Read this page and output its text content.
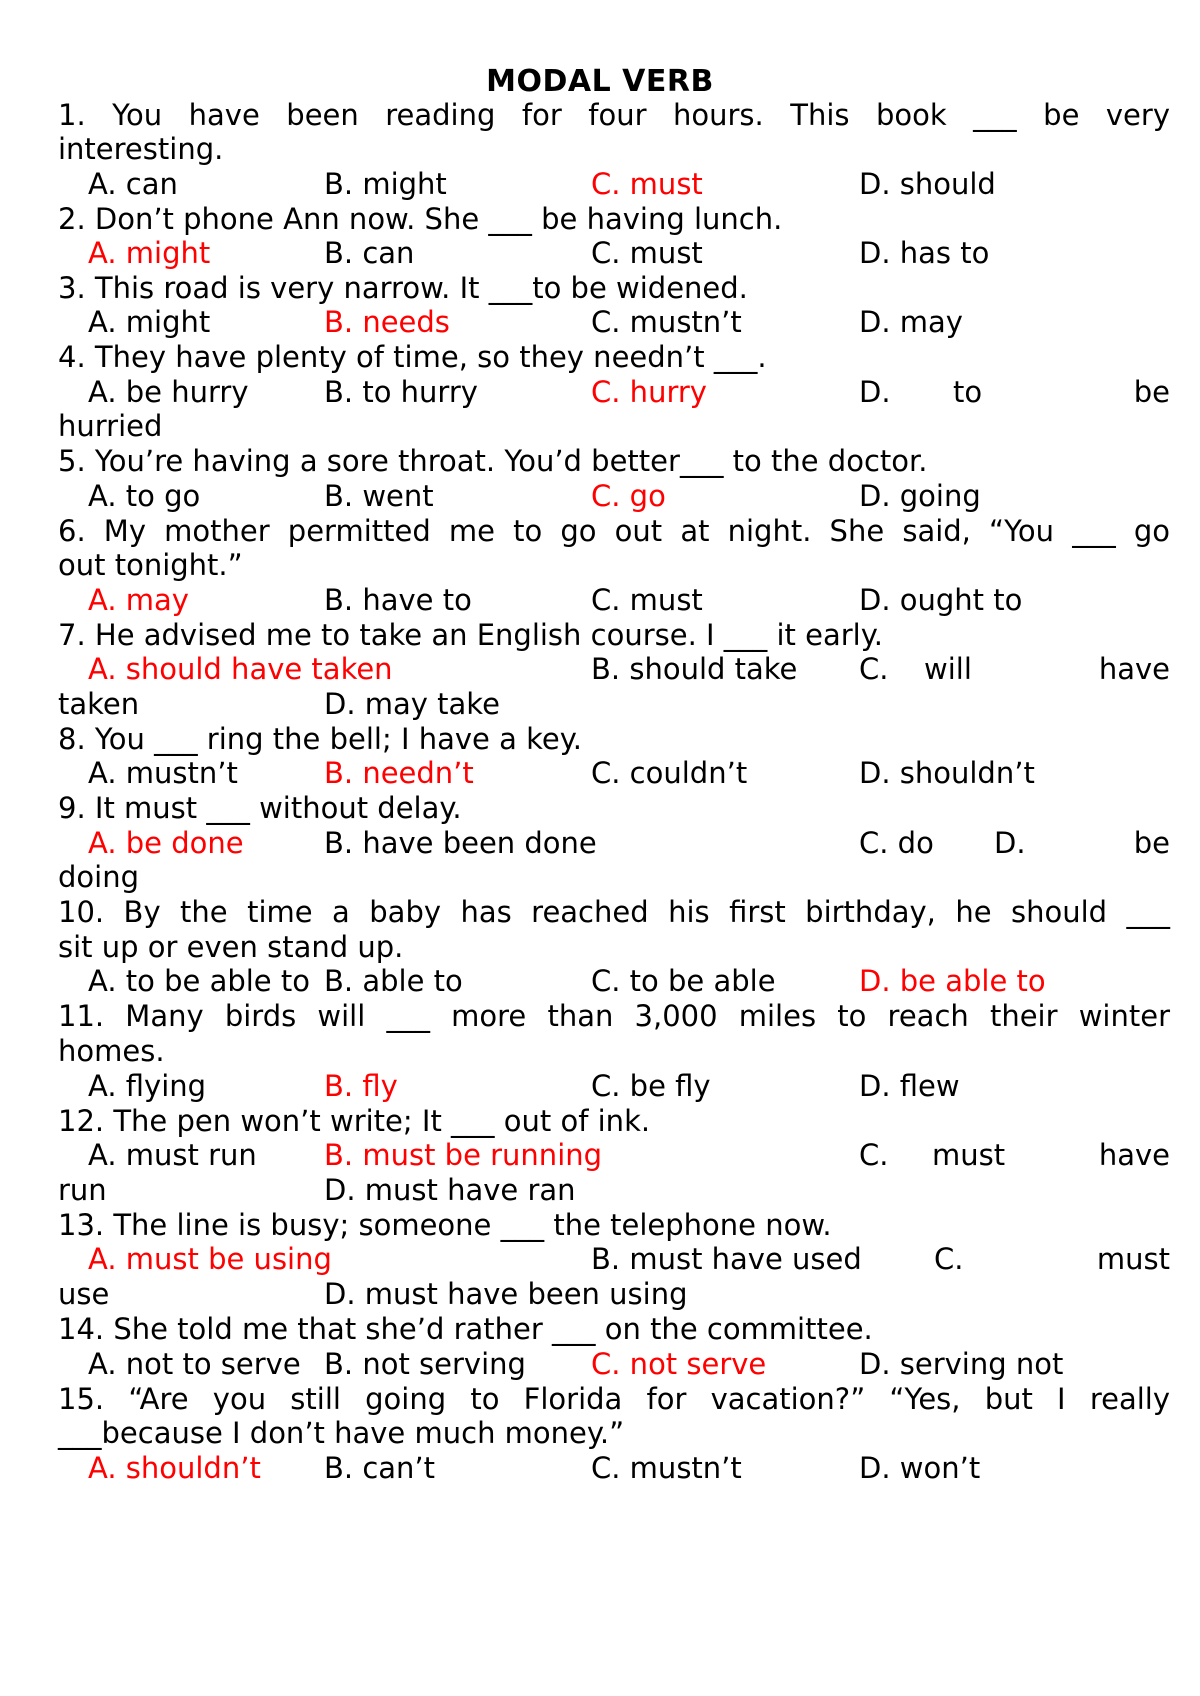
MODAL VERB
1. You have been reading for four hours. This book ___ be very
interesting.
A. can	B. might	C. must	D. should
2. Don’t phone Ann now. She ___ be having lunch.
A. might	B. can	C. must	D. has to
3. This road is very narrow. It ___to be widened.
A. might	B. needs	C. mustn’t	D. may
4. They have plenty of time, so they needn’t ___.
A. be hurry	B. to hurry	C. hurry	D. to	be
hurried
5. You’re having a sore throat. You’d better___ to the doctor.
A. to go	B. went	C. go	D. going
6. My mother permitted me to go out at night. She said, “You ___ go
out tonight.”
A. may	B. have to	C. must	D. ought to
7. He advised me to take an English course. I ___ it early.
A. should have taken	B. should take C. will	have
taken	D. may take
8. You ___ ring the bell; I have a key.
A. mustn’t	B. needn’t	C. couldn’t	D. shouldn’t
9. It must ___ without delay.
A. be done	B. have been done	C. do D.	be
doing
10. By the time a baby has reached his first birthday, he should ___
sit up or even stand up.
A. to be able to B. able to	C. to be able	D. be able to
11. Many birds will ___ more than 3,000 miles to reach their winter
homes.
A. flying	B. fly	C. be fly	D. flew
12. The pen won’t write; It ___ out of ink.
A. must run B. must be running	C. must	have
run	D. must have ran
13. The line is busy; someone ___ the telephone now.
A. must be using	B. must have used C.	must
use	D. must have been using
14. She told me that she’d rather ___ on the committee.
A. not to serve B. not serving C. not serve	D. serving not
15. “Are you still going to Florida for vacation?” “Yes, but I really
___because I don’t have much money.”
A. shouldn’t B. can’t	C. mustn’t	D. won’t
